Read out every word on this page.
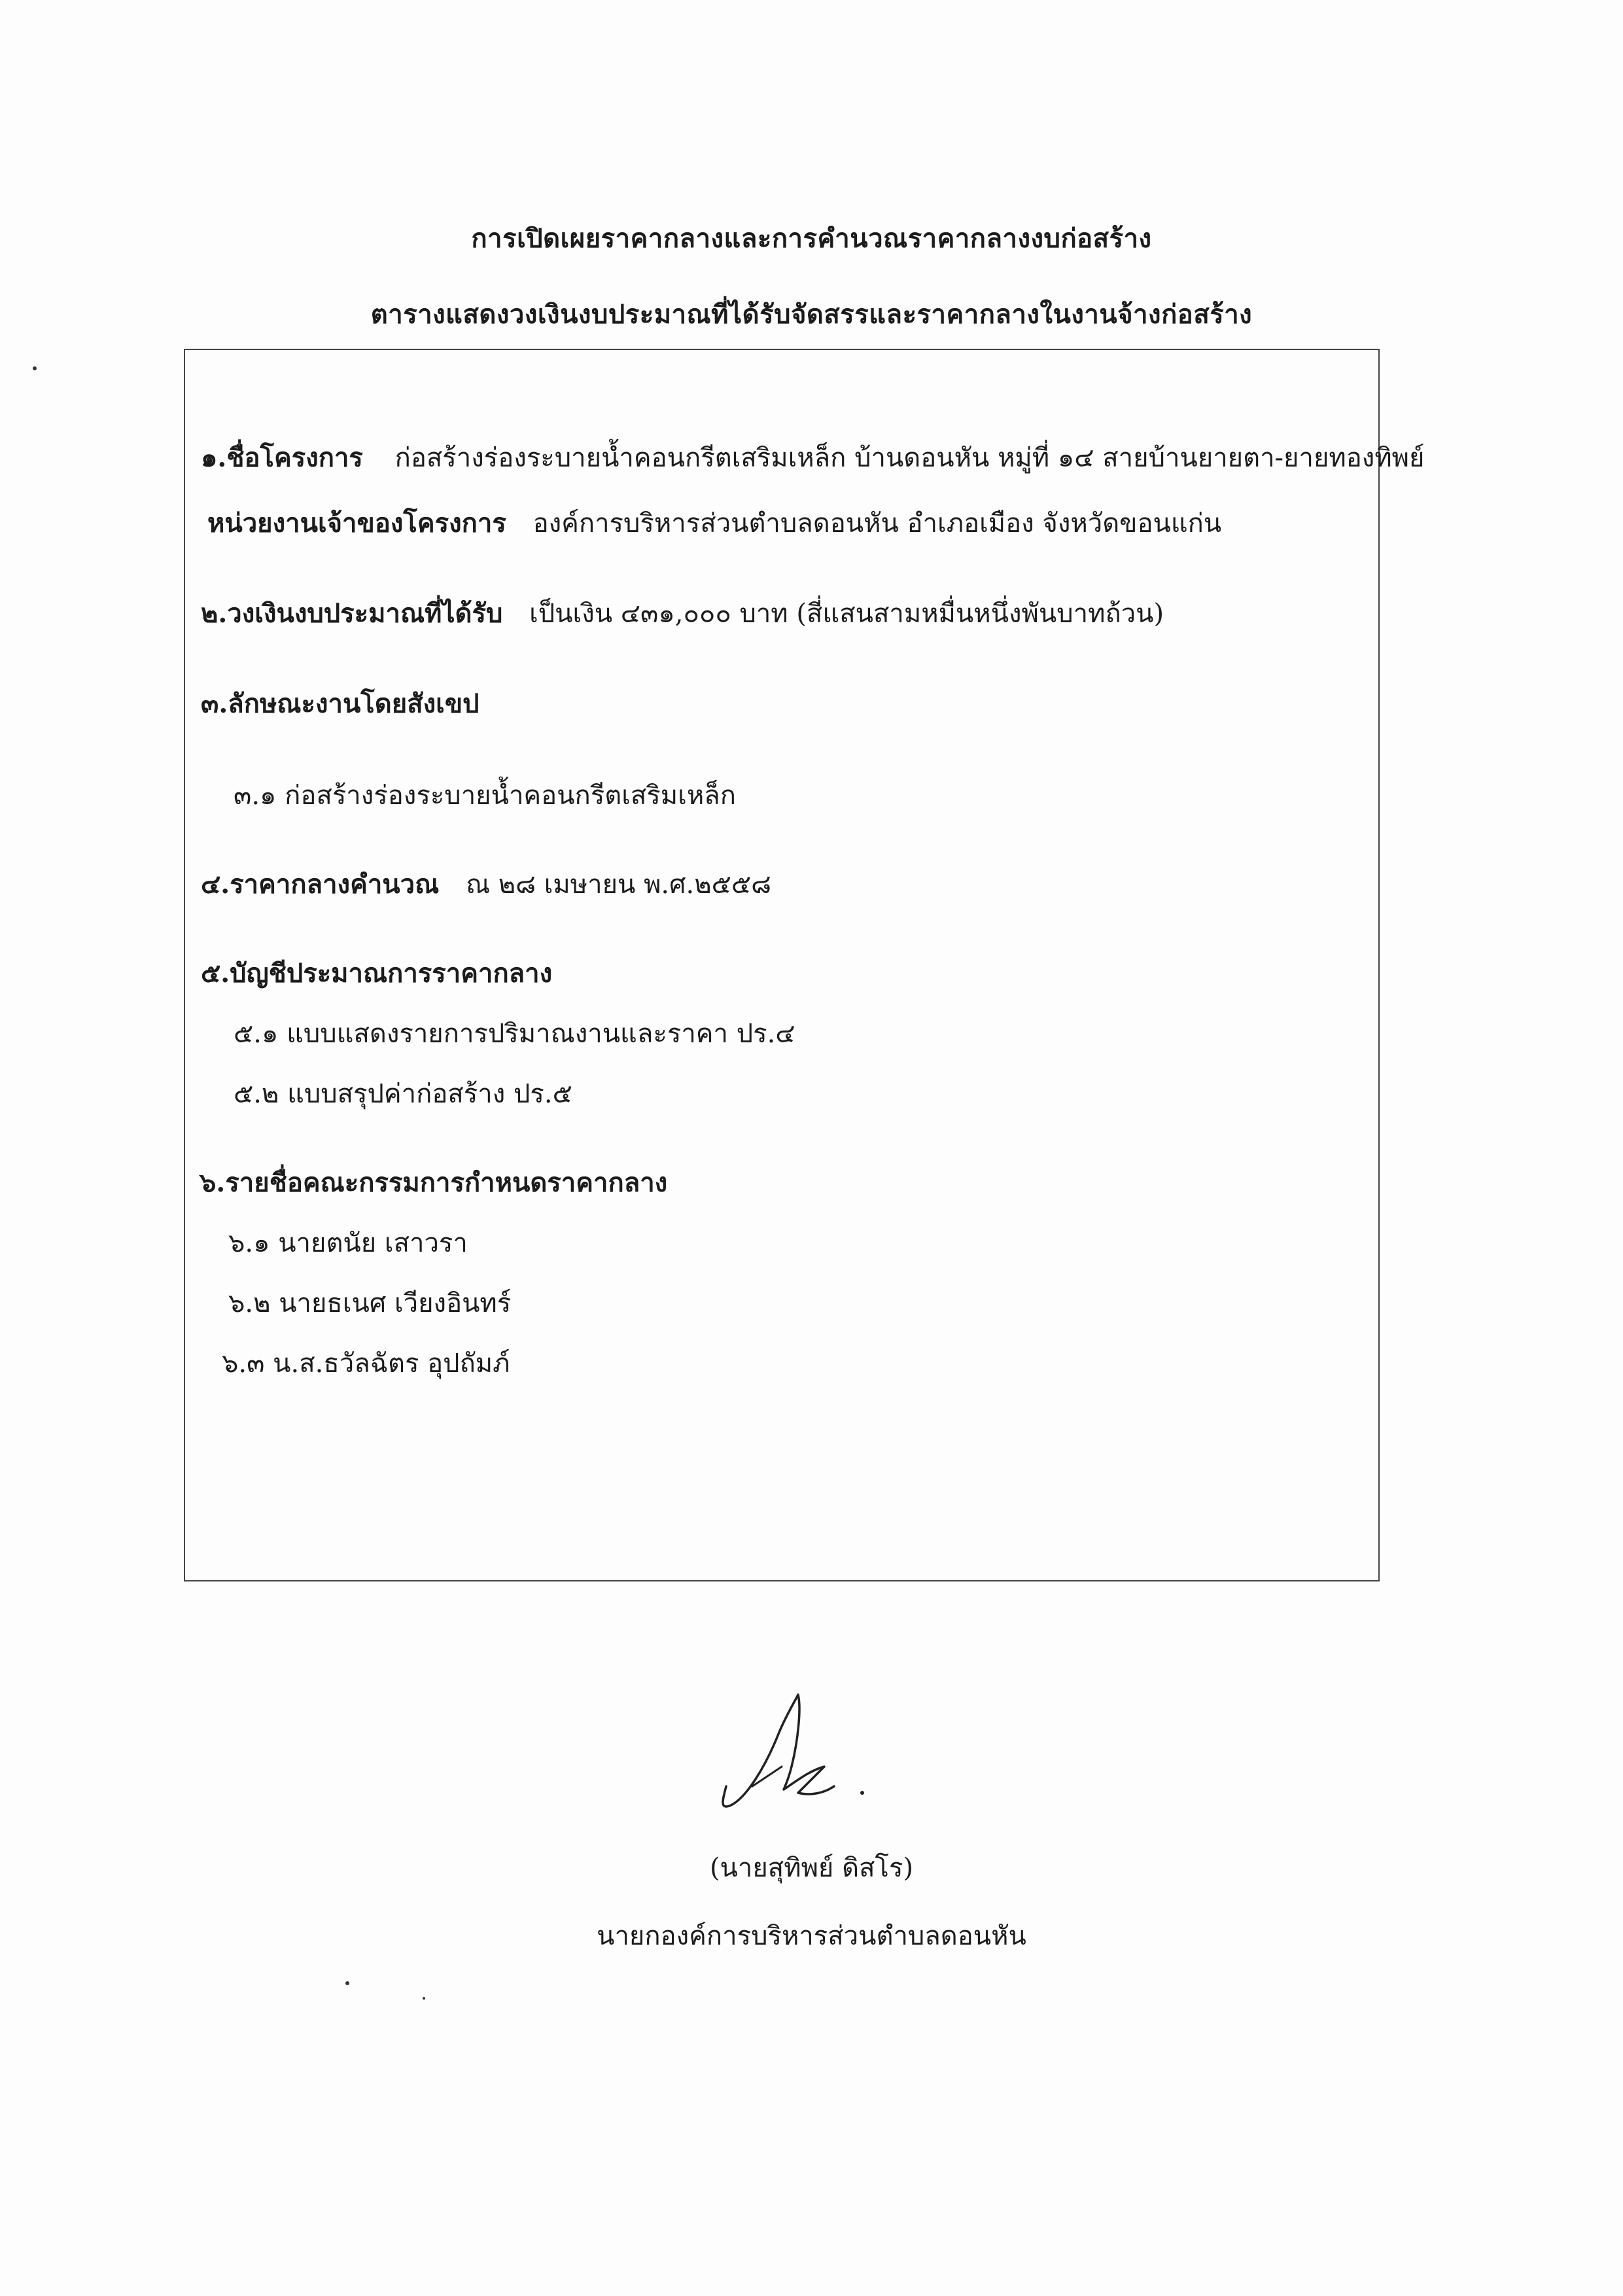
การเปิดเผยราคากลางและการคำนวณราคากลางงบก่อสร้าง
ตารางแสดงวงเงินงบประมาณที่ได้รับจัดสรรและราคากลางในงานจ้างก่อสร้าง
๑.ชื่อโครงการ ก่อสร้างร่องระบายน้ำคอนกรีตเสริมเหล็ก บ้านดอนหัน หมู่ที่ ๑๔ สายบ้านยายตา-ยายทองทิพย์
หน่วยงานเจ้าของโครงการ องค์การบริหารส่วนตำบลดอนหัน อำเภอเมือง จังหวัดขอนแก่น
๒.วงเงินงบประมาณที่ได้รับ เป็นเงิน ๔๓๑,๐๐๐ บาท (สี่แสนสามหมื่นหนึ่งพันบาทถ้วน)
๓.ลักษณะงานโดยสังเขป
๓.๑ ก่อสร้างร่องระบายน้ำคอนกรีตเสริมเหล็ก
๔.ราคากลางคำนวณ ณ ๒๘ เมษายน พ.ศ.๒๕๕๘
๕.บัญชีประมาณการราคากลาง
๕.๑ แบบแสดงรายการปริมาณงานและราคา ปร.๔
๕.๒ แบบสรุปค่าก่อสร้าง ปร.๕
๖.รายชื่อคณะกรรมการกำหนดราคากลาง
๖.๑ นายตนัย เสาวรา
๖.๒ นายธเนศ เวียงอินทร์
๖.๓ น.ส.ธวัลฉัตร อุปถัมภ์
(นายสุทิพย์ ดิสโร)
นายกองค์การบริหารส่วนตำบลดอนหัน
